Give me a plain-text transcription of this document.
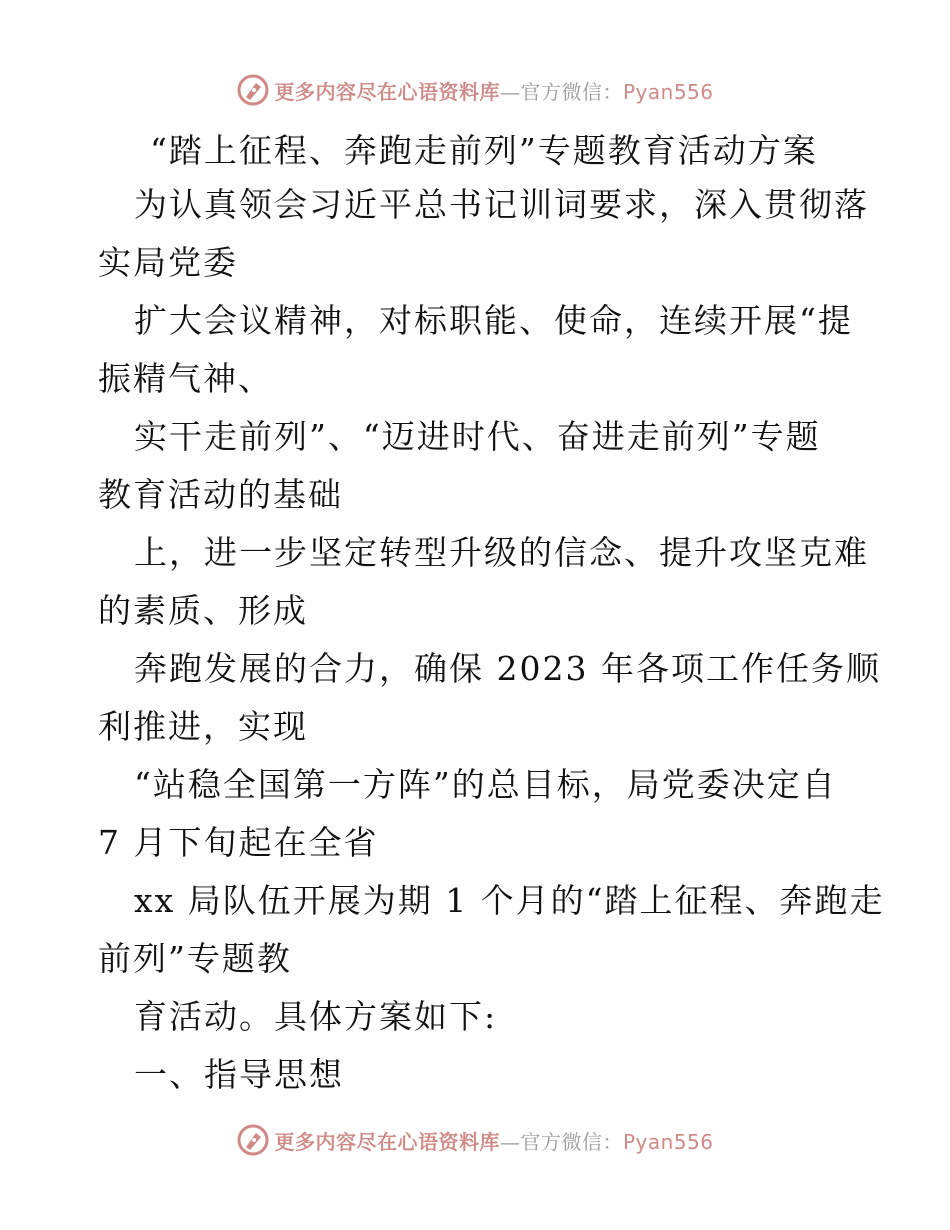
更多内容尽在心语资料库—官方微信：Pyan556
“踏上征程、奔跑走前列”专题教育活动方案
为认真领会习近平总书记训词要求，深入贯彻落
实局党委
扩大会议精神，对标职能、使命，连续开展“提
振精气神、
实干走前列”、“迈进时代、奋进走前列”专题
教育活动的基础
上，进一步坚定转型升级的信念、提升攻坚克难
的素质、形成
奔跑发展的合力，确保 2023 年各项工作任务顺
利推进，实现
“站稳全国第一方阵”的总目标，局党委决定自
7 月下旬起在全省
xx 局队伍开展为期 1 个月的“踏上征程、奔跑走
前列”专题教
育活动。具体方案如下:
一、指导思想
更多内容尽在心语资料库—官方微信：Pyan556
